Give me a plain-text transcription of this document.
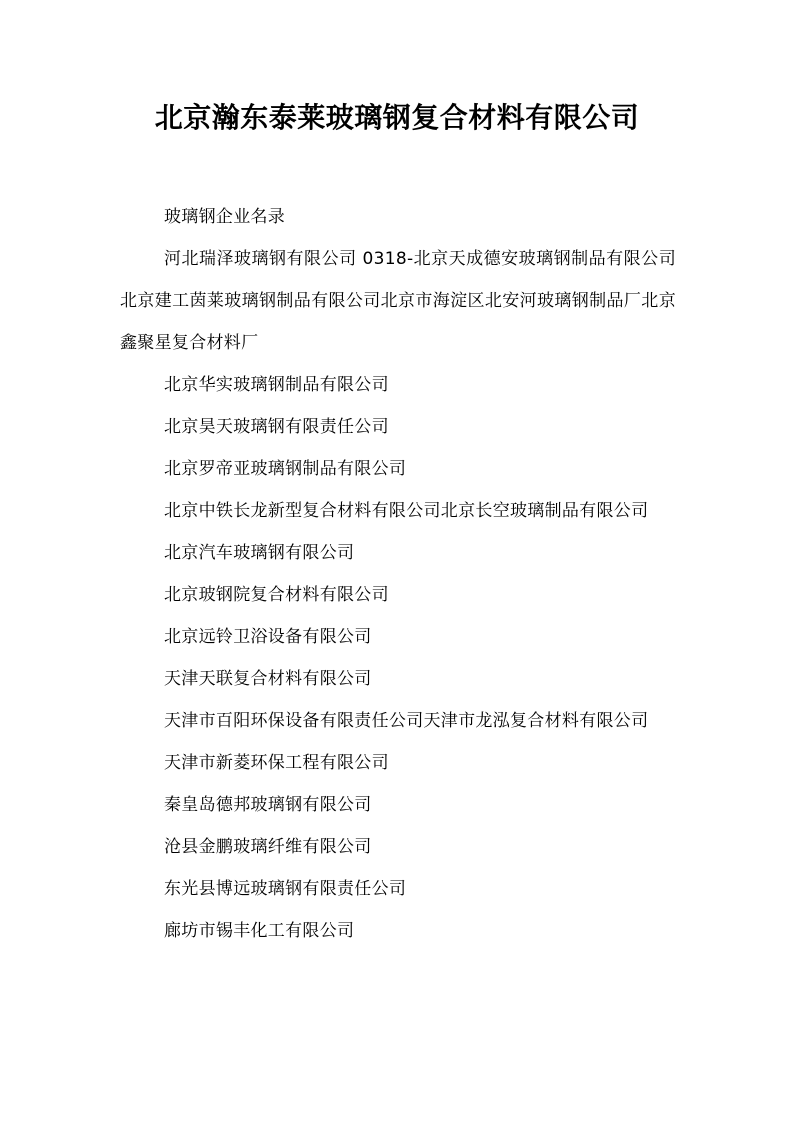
北京瀚东泰莱玻璃钢复合材料有限公司

玻璃钢企业名录

河北瑞泽玻璃钢有限公司 0318-北京天成德安玻璃钢制品有限公司北京建工茵莱玻璃钢制品有限公司北京市海淀区北安河玻璃钢制品厂北京鑫聚星复合材料厂

北京华实玻璃钢制品有限公司

北京昊天玻璃钢有限责任公司

北京罗帝亚玻璃钢制品有限公司

北京中铁长龙新型复合材料有限公司北京长空玻璃制品有限公司

北京汽车玻璃钢有限公司

北京玻钢院复合材料有限公司

北京远铃卫浴设备有限公司

天津天联复合材料有限公司

天津市百阳环保设备有限责任公司天津市龙泓复合材料有限公司

天津市新菱环保工程有限公司

秦皇岛德邦玻璃钢有限公司

沧县金鹏玻璃纤维有限公司

东光县博远玻璃钢有限责任公司

廊坊市锡丰化工有限公司
